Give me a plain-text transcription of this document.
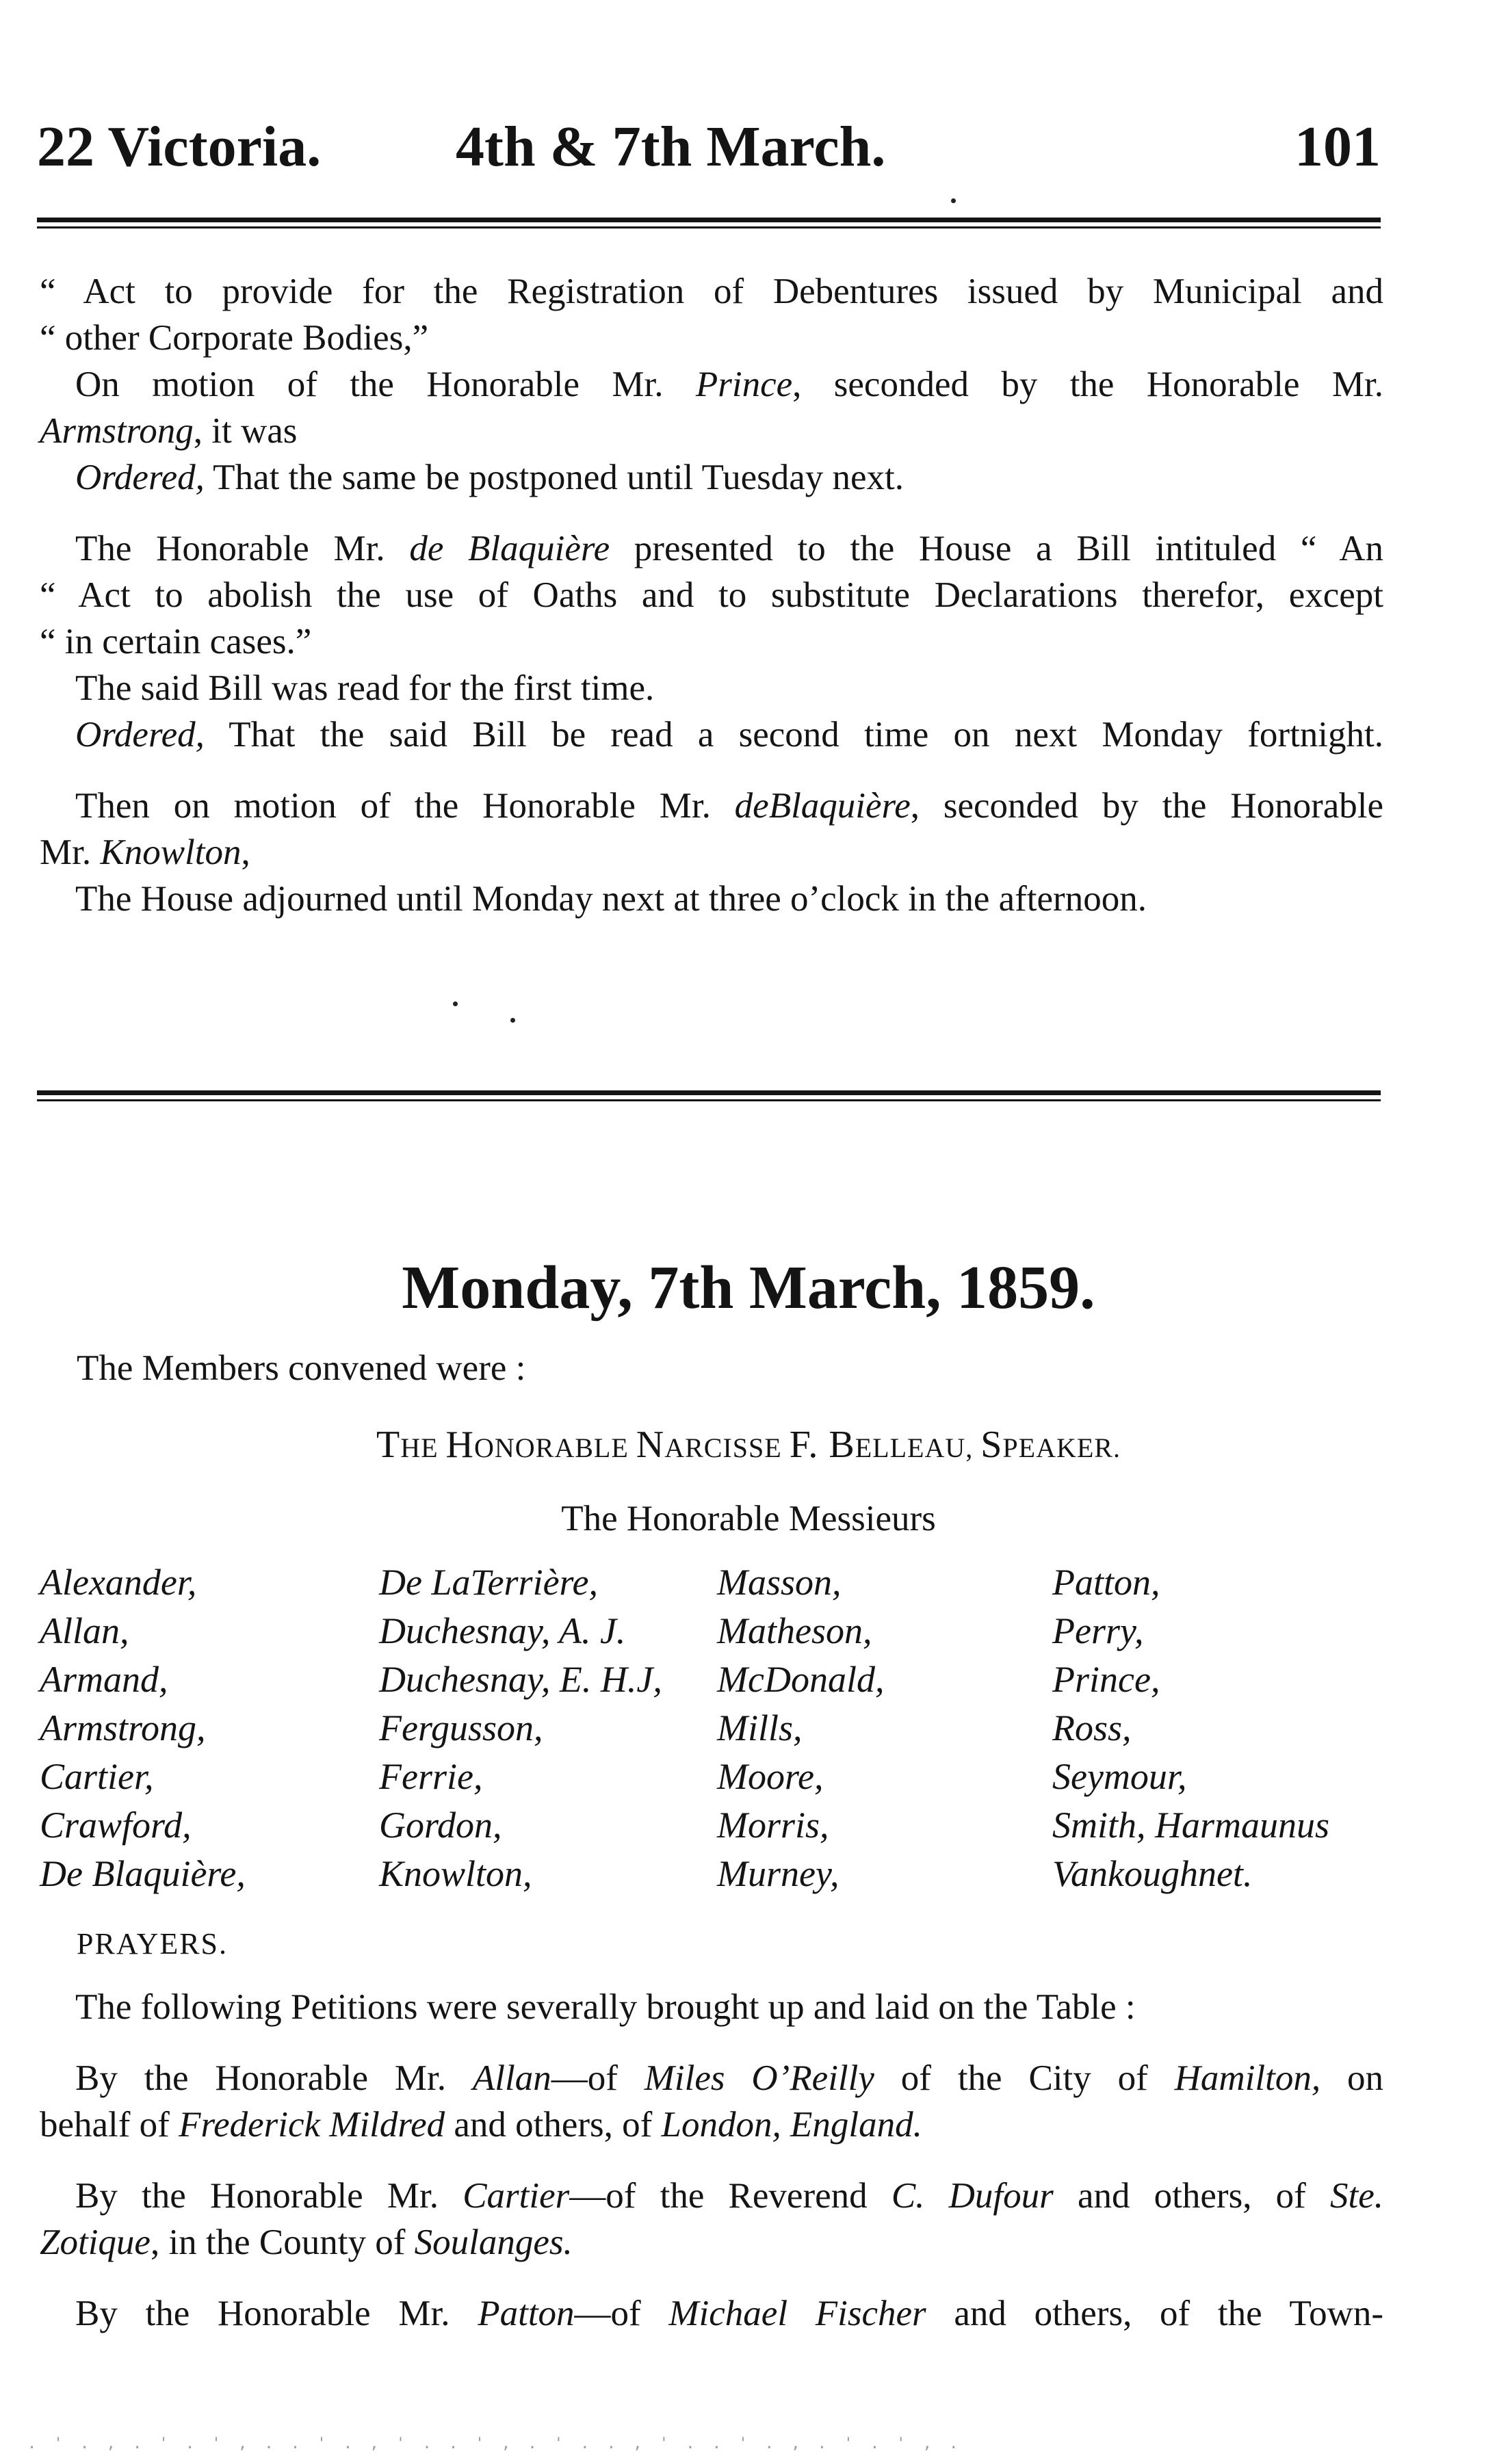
22 Victoria. 4th & 7th March.	101
“ Act to provide for the Registration of Debentures issued by Municipal and
“ other Corporate Bodies,”
On motion of the Honorable Mr. Prince, seconded by the Honorable Mr.
Armstrong, it was
Ordered, That the same be postponed until Tuesday next.
The Honorable Mr. de Blaquière presented to the House a Bill intituled “ An
“ Act to abolish the use of Oaths and to substitute Declarations therefor, except
“ in certain cases.”
The said Bill was read for the first time.
Ordered, That the said Bill be read a second time on next Monday fortnight.
Then on motion of the Honorable Mr. deBlaquière, seconded by the Honorable
Mr. Knowlton,
The House adjourned until Monday next at three o’clock in the afternoon.
Monday, 7th March, 1859.
The Members convened were :
THE HONORABLE NARCISSE F. BELLEAU, SPEAKER.
The Honorable Messieurs
Alexander,
Allan,
Armand,
Armstrong,
Cartier,
Crawford,
De Blaquière,
De LaTerrière,
Duchesnay, A. J.
Duchesnay, E. H.J,
Fergusson,
Ferrie,
Gordon,
Knowlton,
Masson,
Matheson,
McDonald,
Mills,
Moore,
Morris,
Murney,
Patton,
Perry,
Prince,
Ross,
Seymour,
Smith, Harmaunus
Vankoughnet.
PRAYERS.
The following Petitions were severally brought up and laid on the Table :
By the Honorable Mr. Allan—of Miles O’Reilly of the City of Hamilton, on
behalf of Frederick Mildred and others, of London, England.
By the Honorable Mr. Cartier—of the Reverend C. Dufour and others, of Ste.
Zotique, in the County of Soulanges.
By the Honorable Mr. Patton—of Michael Fischer and others, of the Town-
. ' . , . ' . ' , . . ' . , ' . . ' , . ' . . , ' . . ' . , . ' . ' , .
